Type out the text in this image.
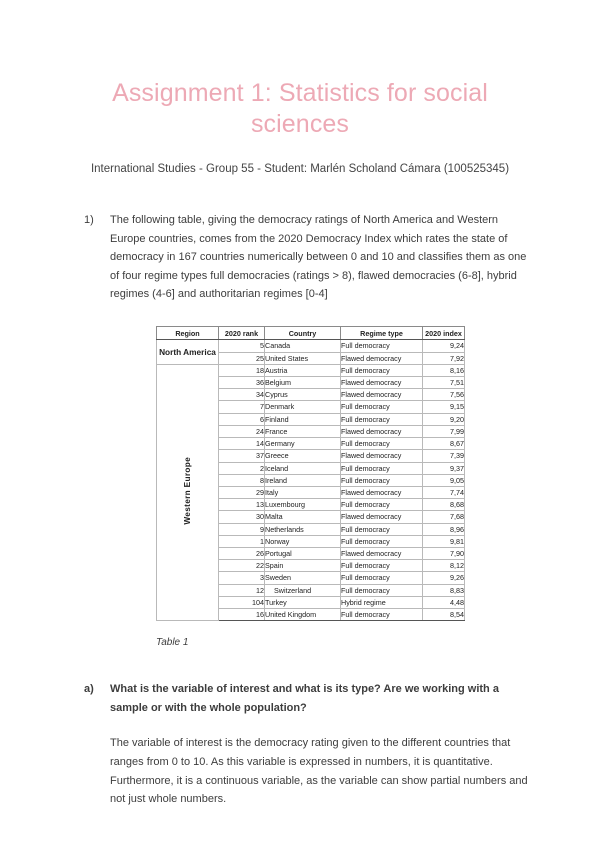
Assignment 1: Statistics for social sciences

International Studies - Group 55 - Student: Marlén Scholand Cámara (100525345)

1)	The following table, giving the democracy ratings of North America and Western Europe countries, comes from the 2020 Democracy Index which rates the state of democracy in 167 countries numerically between 0 and 10 and classifies them as one of four regime types full democracies (ratings > 8), flawed democracies (6-8], hybrid regimes (4-6] and authoritarian regimes [0-4]
Region	2020 rank	Country	Regime type	2020 index
North America	5	Canada	Full democracy	9,24
	25	United States	Flawed democracy	7,92
Western Europe	18	Austria	Full democracy	8,16
	36	Belgium	Flawed democracy	7,51
	34	Cyprus	Flawed democracy	7,56
	7	Denmark	Full democracy	9,15
	6	Finland	Full democracy	9,20
	24	France	Flawed democracy	7,99
	14	Germany	Full democracy	8,67
	37	Greece	Flawed democracy	7,39
	2	Iceland	Full democracy	9,37
	8	Ireland	Full democracy	9,05
	29	Italy	Flawed democracy	7,74
	13	Luxembourg	Full democracy	8,68
	30	Malta	Flawed democracy	7,68
	9	Netherlands	Full democracy	8,96
	1	Norway	Full democracy	9,81
	26	Portugal	Flawed democracy	7,90
	22	Spain	Full democracy	8,12
	3	Sweden	Full democracy	9,26
	12	Switzerland	Full democracy	8,83
	104	Turkey	Hybrid regime	4,48
	16	United Kingdom	Full democracy	8,54
Table 1
a)	What is the variable of interest and what is its type? Are we working with a sample or with the whole population?
The variable of interest is the democracy rating given to the different countries that ranges from 0 to 10. As this variable is expressed in numbers, it is quantitative. Furthermore, it is a continuous variable, as the variable can show partial numbers and not just whole numbers.
